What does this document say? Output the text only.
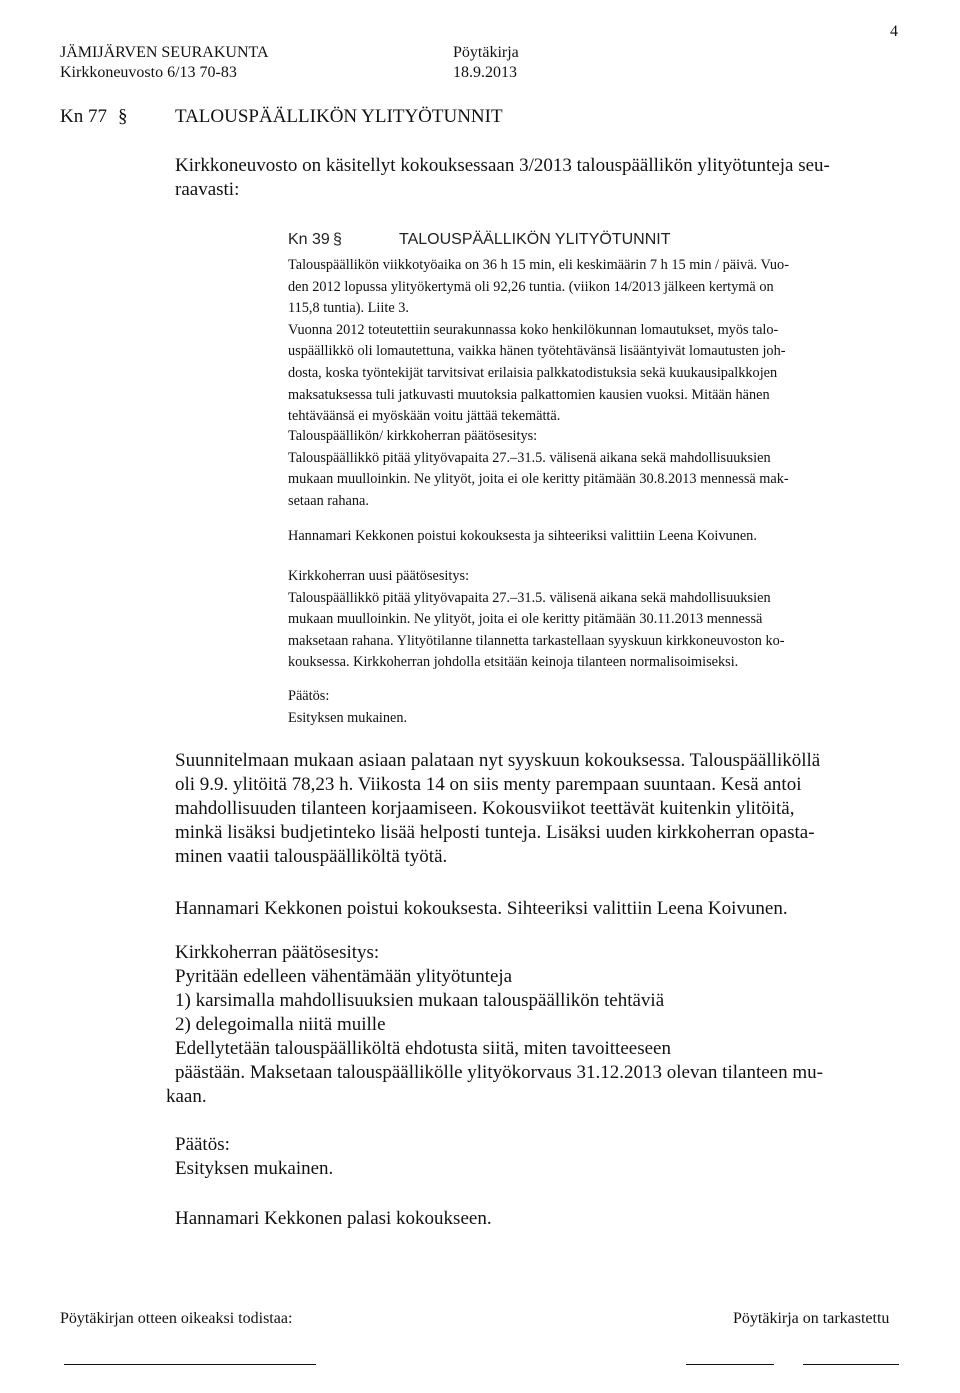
4
JÄMIJÄRVEN SEURAKUNTA	Pöytäkirja
Kirkkoneuvosto 6/13 70-83	18.9.2013
Kn 77 §	TALOUSPÄÄLLIKÖN YLITYÖTUNNIT
Kirkkoneuvosto on käsitellyt kokouksessaan 3/2013 talouspäällikön ylityötunteja seu-
raavasti:
Kn 39 §	TALOUSPÄÄLLIKÖN YLITYÖTUNNIT
Talouspäällikön viikkotyöaika on 36 h 15 min, eli keskimäärin 7 h 15 min / päivä. Vuo-
den 2012 lopussa ylityökertymä oli 92,26 tuntia. (viikon 14/2013 jälkeen kertymä on
115,8 tuntia). Liite 3.
Vuonna 2012 toteutettiin seurakunnassa koko henkilökunnan lomautukset, myös talo-
uspäällikkö oli lomautettuna, vaikka hänen työtehtävänsä lisääntyivät lomautusten joh-
dosta, koska työntekijät tarvitsivat erilaisia palkkatodistuksia sekä kuukausipalkkojen
maksatuksessa tuli jatkuvasti muutoksia palkattomien kausien vuoksi. Mitään hänen
tehtäväänsä ei myöskään voitu jättää tekemättä.
Talouspäällikön/ kirkkoherran päätösesitys:
Talouspäällikkö pitää ylityövapaita 27.–31.5. välisenä aikana sekä mahdollisuuksien
mukaan muulloinkin. Ne ylityöt, joita ei ole keritty pitämään 30.8.2013 mennessä mak-
setaan rahana.
Hannamari Kekkonen poistui kokouksesta ja sihteeriksi valittiin Leena Koivunen.
Kirkkoherran uusi päätösesitys:
Talouspäällikkö pitää ylityövapaita 27.–31.5. välisenä aikana sekä mahdollisuuksien
mukaan muulloinkin. Ne ylityöt, joita ei ole keritty pitämään 30.11.2013 mennessä
maksetaan rahana. Ylityötilanne tilannetta tarkastellaan syyskuun kirkkoneuvoston ko-
kouksessa. Kirkkoherran johdolla etsitään keinoja tilanteen normalisoimiseksi.
Päätös:
Esityksen mukainen.
Suunnitelmaan mukaan asiaan palataan nyt syyskuun kokouksessa. Talouspäälliköllä
oli 9.9. ylitöitä 78,23 h. Viikosta 14 on siis menty parempaan suuntaan. Kesä antoi
mahdollisuuden tilanteen korjaamiseen. Kokousviikot teettävät kuitenkin ylitöitä,
minkä lisäksi budjetinteko lisää helposti tunteja. Lisäksi uuden kirkkoherran opasta-
minen vaatii talouspäälliköltä työtä.
Hannamari Kekkonen poistui kokouksesta. Sihteeriksi valittiin Leena Koivunen.
Kirkkoherran päätösesitys:
Pyritään edelleen vähentämään ylityötunteja
1) karsimalla mahdollisuuksien mukaan talouspäällikön tehtäviä
2) delegoimalla niitä muille
Edellytetään talouspäälliköltä ehdotusta siitä, miten tavoitteeseen
päästään. Maksetaan talouspäällikölle ylityökorvaus 31.12.2013 olevan tilanteen mu-
kaan.
Päätös:
Esityksen mukainen.
Hannamari Kekkonen palasi kokoukseen.
Pöytäkirjan otteen oikeaksi todistaa:	Pöytäkirja on tarkastettu
